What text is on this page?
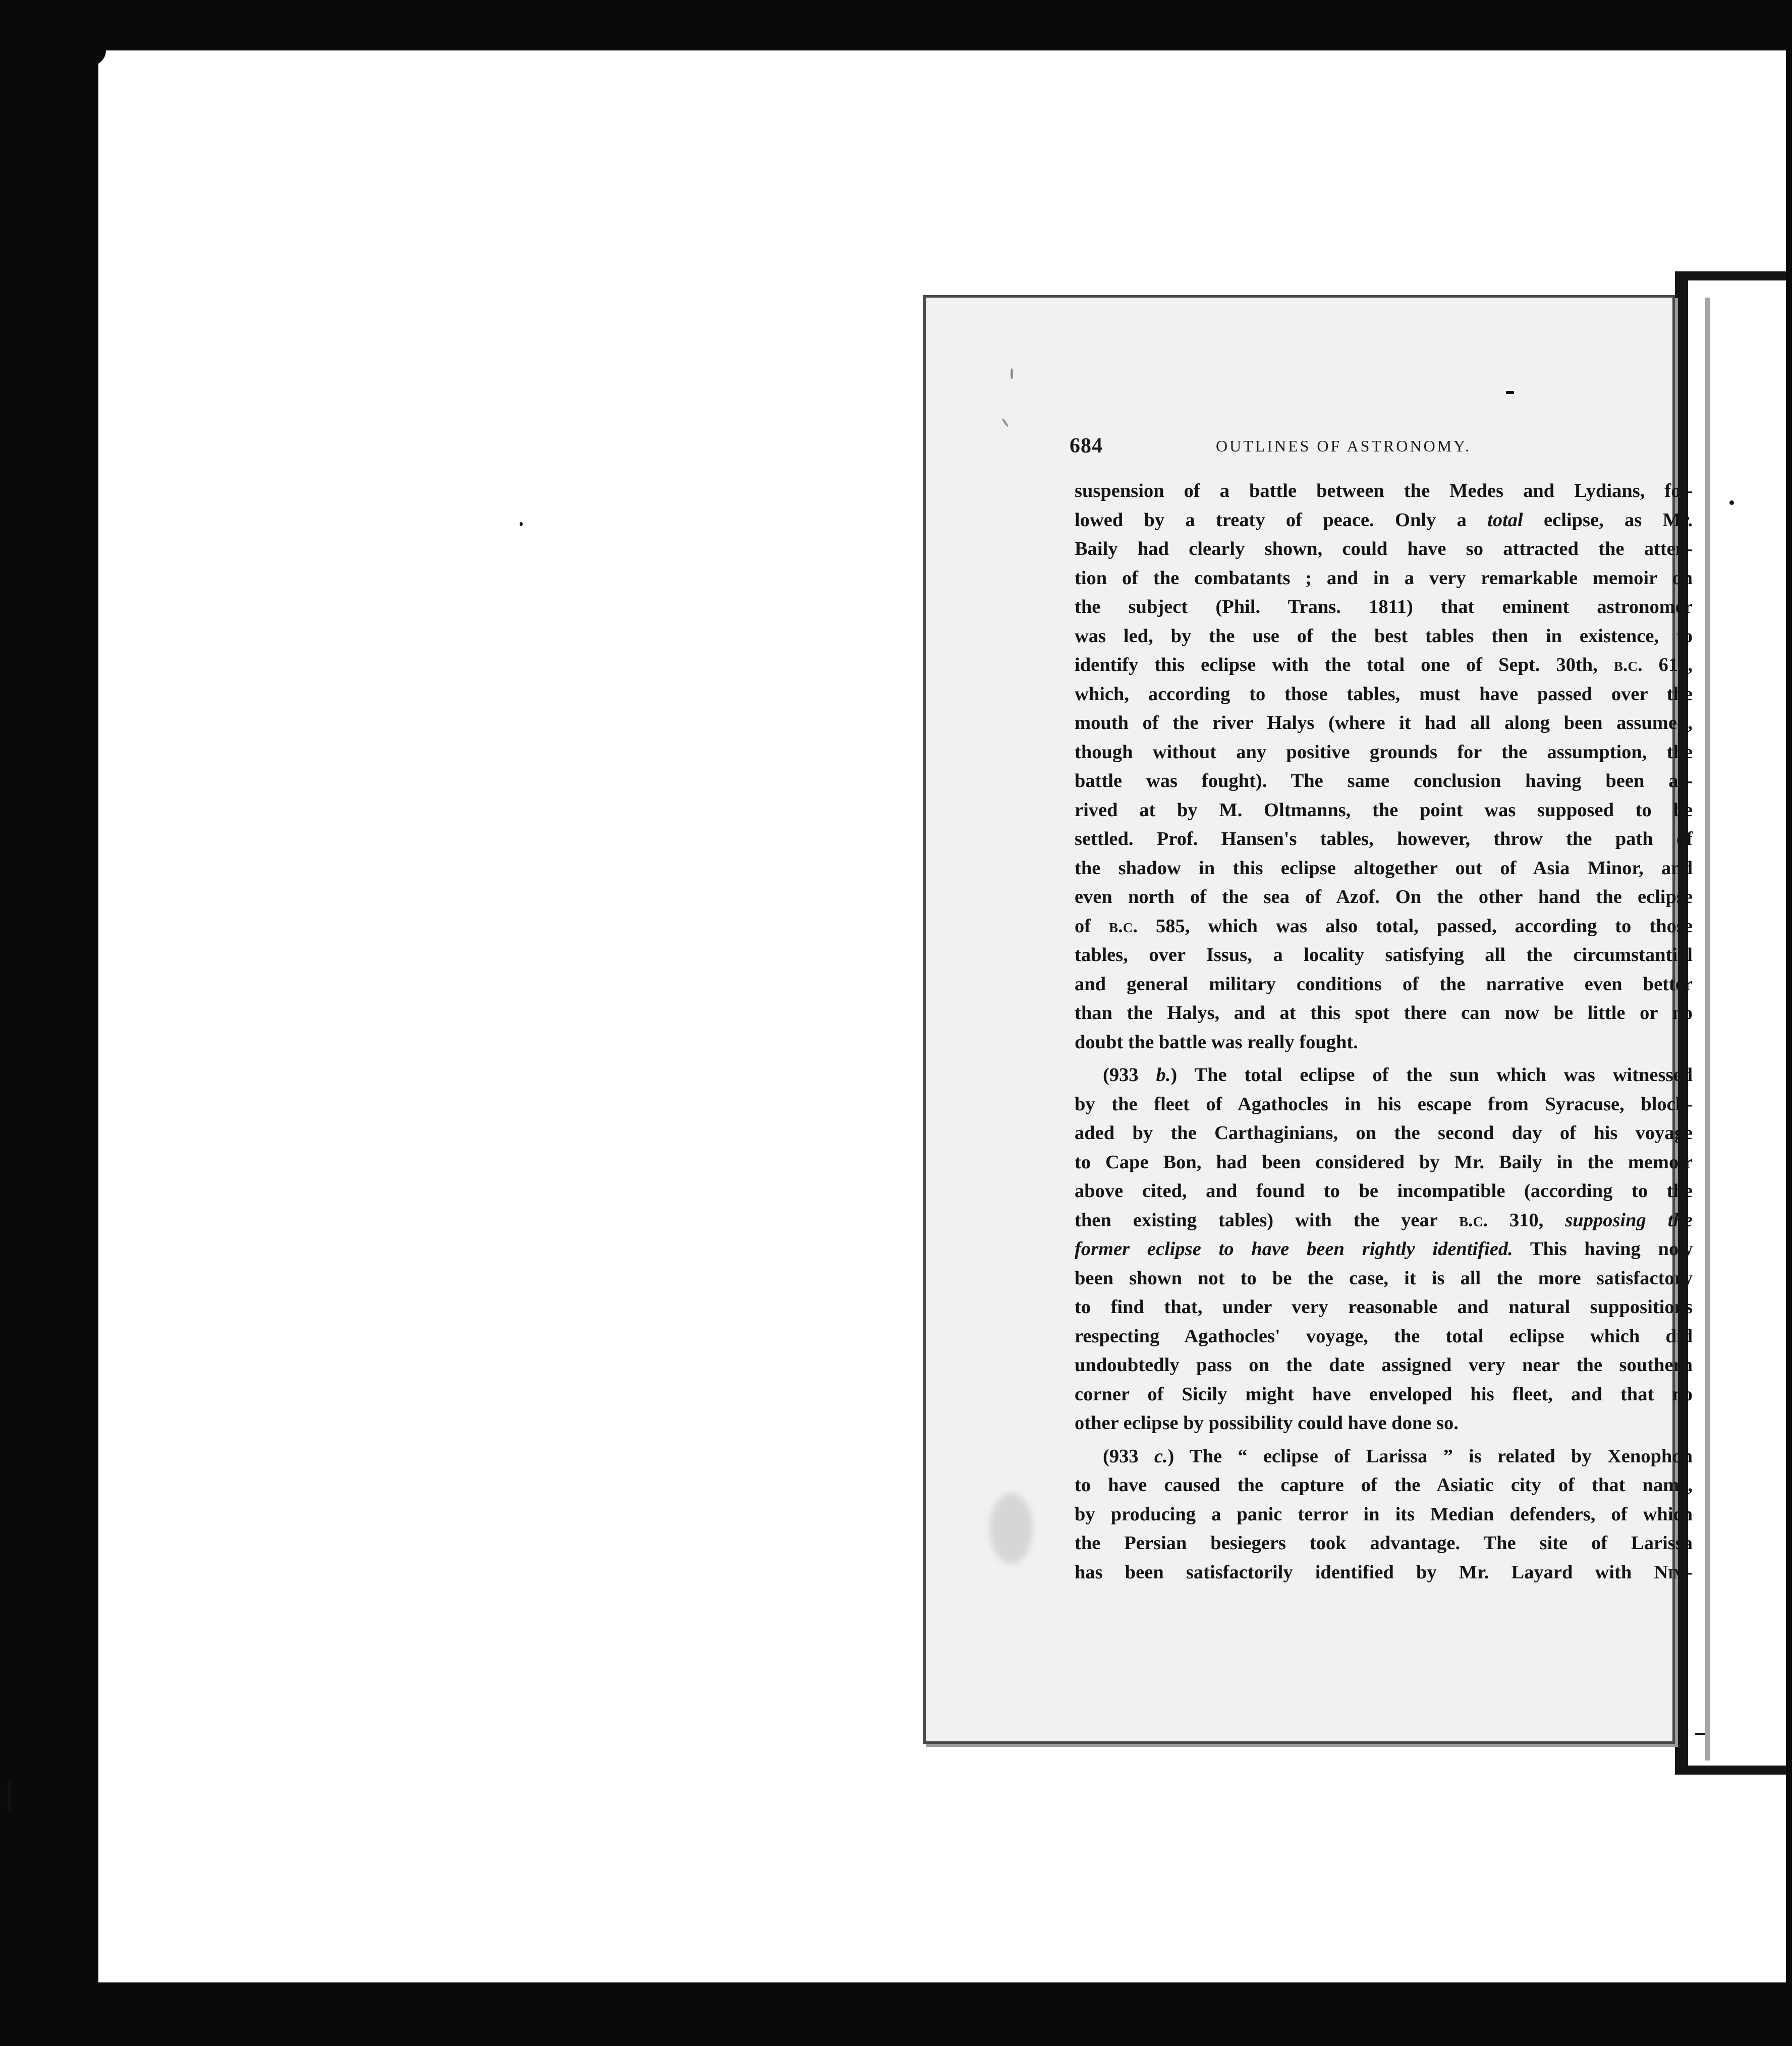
684	OUTLINES OF ASTRONOMY.

suspension of a battle between the Medes and Lydians, fol-

lowed by a treaty of peace. Only a total eclipse, as Mr.

Baily had clearly shown, could have so attracted the atten-

tion of the combatants ; and in a very remarkable memoir on

the subject (Phil. Trans. 1811) that eminent astronomer

was led, by the use of the best tables then in existence, to

identify this eclipse with the total one of Sept. 30th, b.c. 610,

which, according to those tables, must have passed over the

mouth of the river Halys (where it had all along been assumed,

though without any positive grounds for the assumption, the

battle was fought). The same conclusion having been ar-

rived at by M. Oltmanns, the point was supposed to be

settled. Prof. Hansen's tables, however, throw the path of

the shadow in this eclipse altogether out of Asia Minor, and

even north of the sea of Azof. On the other hand the eclipse

of b.c. 585, which was also total, passed, according to those

tables, over Issus, a locality satisfying all the circumstantial

and general military conditions of the narrative even better

than the Halys, and at this spot there can now be little or no

doubt the battle was really fought.

(933 b.) The total eclipse of the sun which was witnessed

by the fleet of Agathocles in his escape from Syracuse, block-

aded by the Carthaginians, on the second day of his voyage

to Cape Bon, had been considered by Mr. Baily in the memoir

above cited, and found to be incompatible (according to the

then existing tables) with the year b.c. 310, supposing the

former eclipse to have been rightly identified. This having now

been shown not to be the case, it is all the more satisfactory

to find that, under very reasonable and natural suppositions

respecting Agathocles' voyage, the total eclipse which did

undoubtedly pass on the date assigned very near the southern

corner of Sicily might have enveloped his fleet, and that no

other eclipse by possibility could have done so.

(933 c.) The “ eclipse of Larissa ” is related by Xenophon

to have caused the capture of the Asiatic city of that name,

by producing a panic terror in its Median defenders, of which

the Persian besiegers took advantage. The site of Larissa

has been satisfactorily identified by Mr. Layard with Nim-
